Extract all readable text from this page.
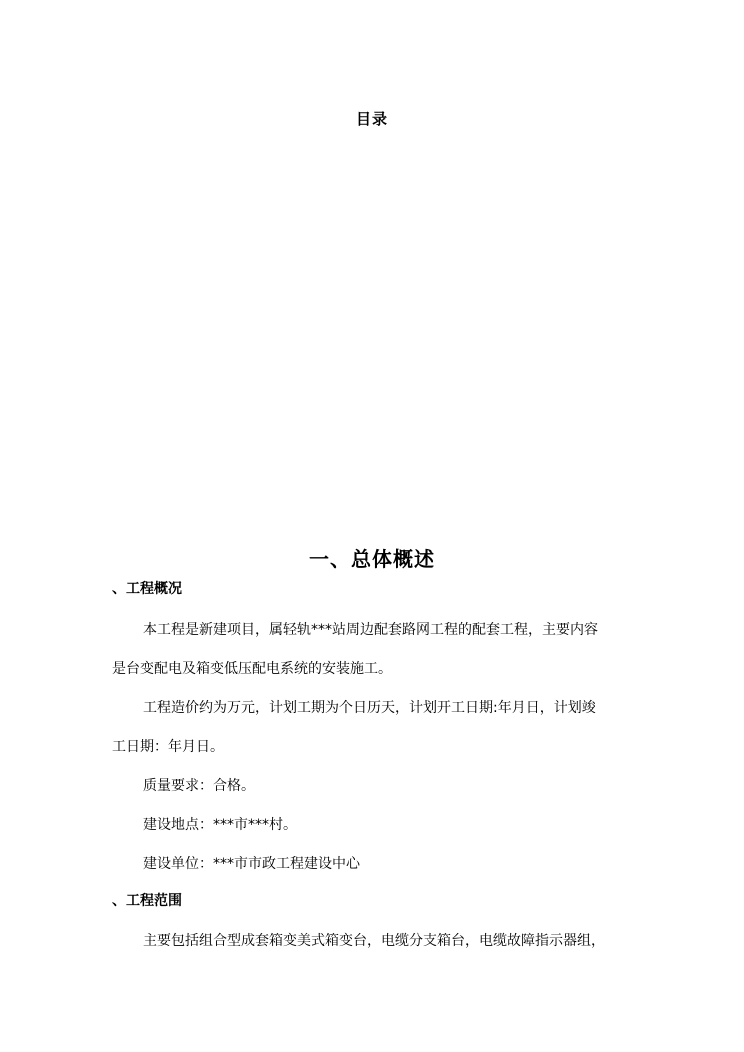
目录
一、总体概述
、工程概况
本工程是新建项目，属轻轨***站周边配套路网工程的配套工程，主要内容
是台变配电及箱变低压配电系统的安装施工。
工程造价约为万元，计划工期为个日历天，计划开工日期:年月日，计划竣
工日期：年月日。
质量要求：合格。
建设地点：***市***村。
建设单位：***市市政工程建设中心
、工程范围
主要包括组合型成套箱变美式箱变台，电缆分支箱台，电缆故障指示器组，
